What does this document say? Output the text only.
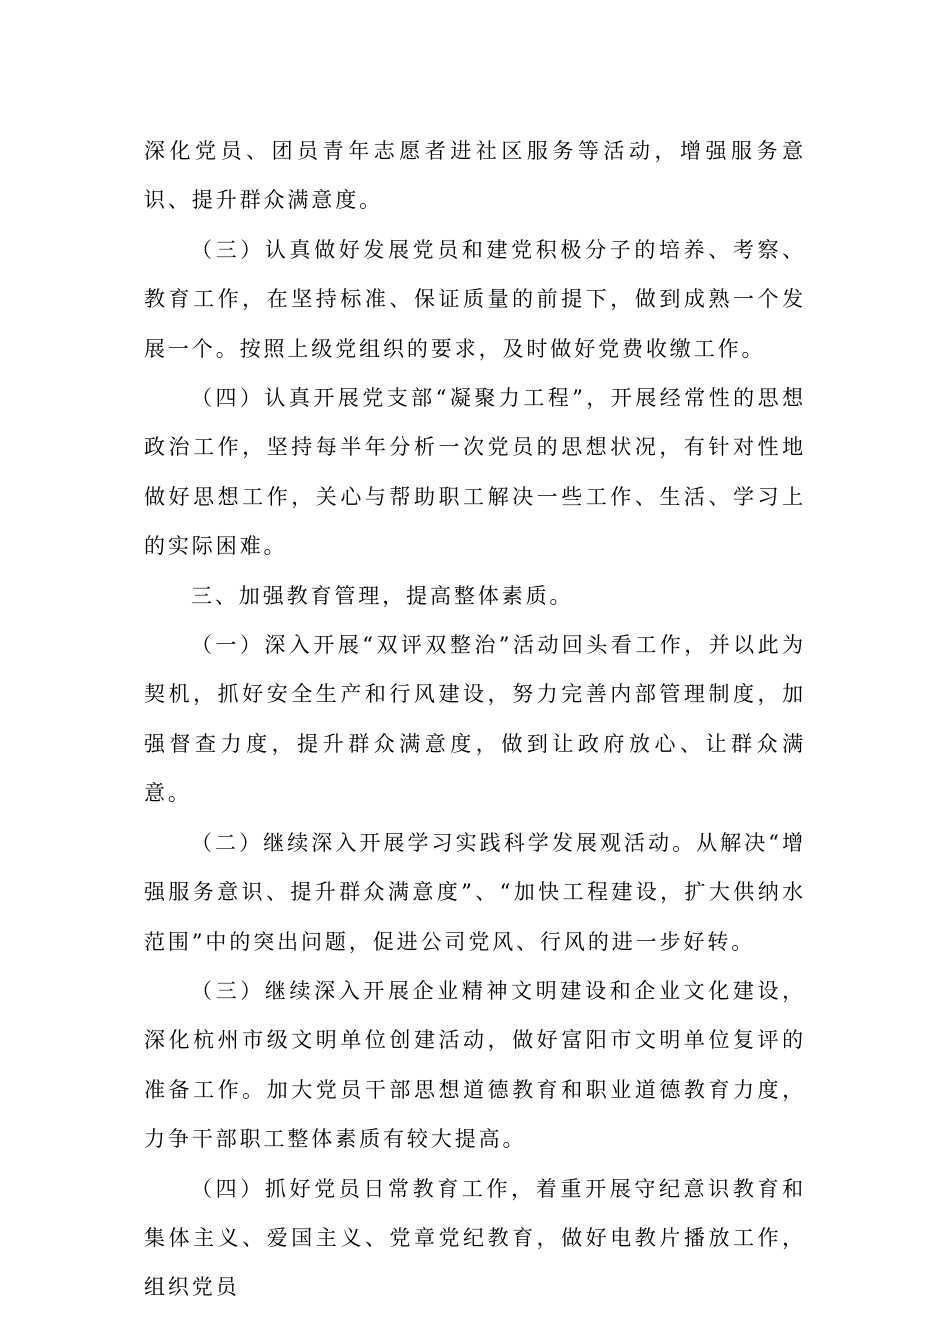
深化党员、团员青年志愿者进社区服务等活动，增强服务意识、提升群众满意度。

（三）认真做好发展党员和建党积极分子的培养、考察、教育工作，在坚持标准、保证质量的前提下，做到成熟一个发展一个。按照上级党组织的要求，及时做好党费收缴工作。

（四）认真开展党支部“凝聚力工程”，开展经常性的思想政治工作，坚持每半年分析一次党员的思想状况，有针对性地做好思想工作，关心与帮助职工解决一些工作、生活、学习上的实际困难。

三、加强教育管理，提高整体素质。

（一）深入开展“双评双整治”活动回头看工作，并以此为契机，抓好安全生产和行风建设，努力完善内部管理制度，加强督查力度，提升群众满意度，做到让政府放心、让群众满意。

（二）继续深入开展学习实践科学发展观活动。从解决“增强服务意识、提升群众满意度”、“加快工程建设，扩大供纳水范围”中的突出问题，促进公司党风、行风的进一步好转。

（三）继续深入开展企业精神文明建设和企业文化建设，深化杭州市级文明单位创建活动，做好富阳市文明单位复评的准备工作。加大党员干部思想道德教育和职业道德教育力度，力争干部职工整体素质有较大提高。

（四）抓好党员日常教育工作，着重开展守纪意识教育和集体主义、爱国主义、党章党纪教育，做好电教片播放工作，组织党员
